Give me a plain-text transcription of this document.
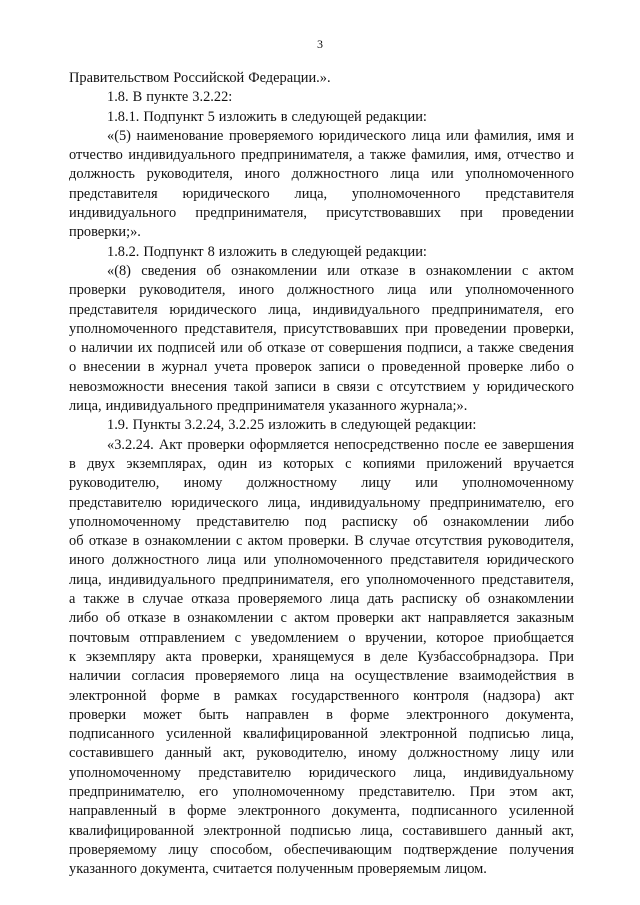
3
Правительством Российской Федерации.».
1.8. В пункте 3.2.22:
1.8.1. Подпункт 5 изложить в следующей редакции:
«(5) наименование проверяемого юридического лица или фамилия, имя и
отчество индивидуального предпринимателя, а также фамилия, имя, отчество и
должность руководителя, иного должностного лица или уполномоченного
представителя юридического лица, уполномоченного представителя
индивидуального предпринимателя, присутствовавших при проведении
проверки;».
1.8.2. Подпункт 8 изложить в следующей редакции:
«(8) сведения об ознакомлении или отказе в ознакомлении с актом
проверки руководителя, иного должностного лица или уполномоченного
представителя юридического лица, индивидуального предпринимателя, его
уполномоченного представителя, присутствовавших при проведении проверки,
о наличии их подписей или об отказе от совершения подписи, а также сведения
о внесении в журнал учета проверок записи о проведенной проверке либо о
невозможности внесения такой записи в связи с отсутствием у юридического
лица, индивидуального предпринимателя указанного журнала;».
1.9. Пункты 3.2.24, 3.2.25 изложить в следующей редакции:
«3.2.24. Акт проверки оформляется непосредственно после ее завершения
в двух экземплярах, один из которых с копиями приложений вручается
руководителю, иному должностному лицу или уполномоченному
представителю юридического лица, индивидуальному предпринимателю, его
уполномоченному представителю под расписку об ознакомлении либо
об отказе в ознакомлении с актом проверки. В случае отсутствия руководителя,
иного должностного лица или уполномоченного представителя юридического
лица, индивидуального предпринимателя, его уполномоченного представителя,
а также в случае отказа проверяемого лица дать расписку об ознакомлении
либо об отказе в ознакомлении с актом проверки акт направляется заказным
почтовым отправлением с уведомлением о вручении, которое приобщается
к экземпляру акта проверки, хранящемуся в деле Кузбассобрнадзора. При
наличии согласия проверяемого лица на осуществление взаимодействия в
электронной форме в рамках государственного контроля (надзора) акт
проверки может быть направлен в форме электронного документа,
подписанного усиленной квалифицированной электронной подписью лица,
составившего данный акт, руководителю, иному должностному лицу или
уполномоченному представителю юридического лица, индивидуальному
предпринимателю, его уполномоченному представителю. При этом акт,
направленный в форме электронного документа, подписанного усиленной
квалифицированной электронной подписью лица, составившего данный акт,
проверяемому лицу способом, обеспечивающим подтверждение получения
указанного документа, считается полученным проверяемым лицом.
